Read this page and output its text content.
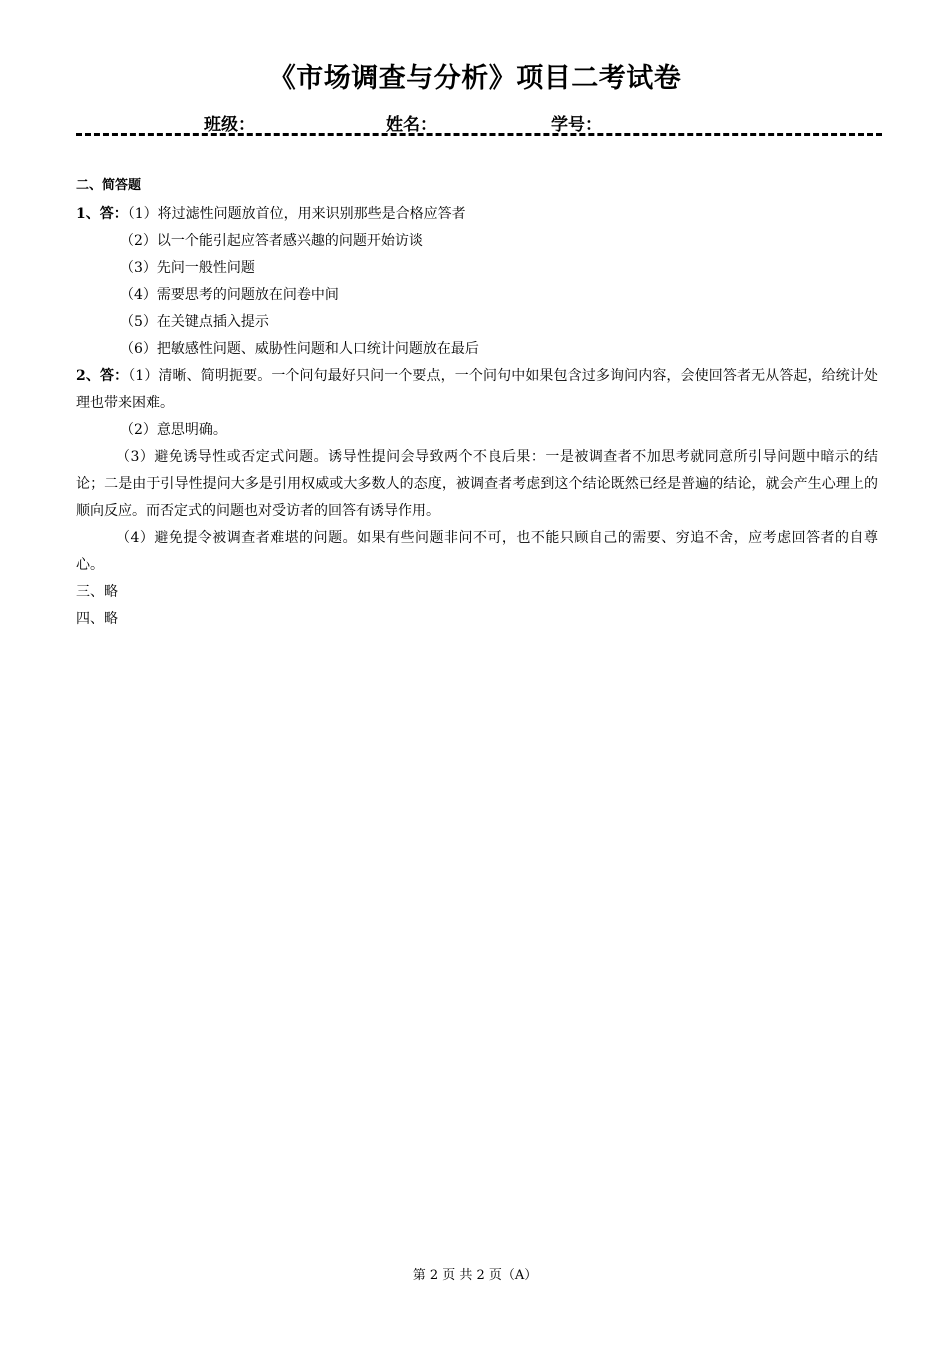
《市场调查与分析》项目二考试卷
班级：	姓名：	学号：
二、简答题
1、答：（1）将过滤性问题放首位，用来识别那些是合格应答者
（2）以一个能引起应答者感兴趣的问题开始访谈
（3）先问一般性问题
（4）需要思考的问题放在问卷中间
（5）在关键点插入提示
（6）把敏感性问题、威胁性问题和人口统计问题放在最后
2、答：（1）清晰、简明扼要。一个问句最好只问一个要点，一个问句中如果包含过多询问内容，会使回答者无从答起，给统计处理也带来困难。
（2）意思明确。
（3）避免诱导性或否定式问题。诱导性提问会导致两个不良后果：一是被调查者不加思考就同意所引导问题中暗示的结论；二是由于引导性提问大多是引用权威或大多数人的态度，被调查者考虑到这个结论既然已经是普遍的结论，就会产生心理上的顺向反应。而否定式的问题也对受访者的回答有诱导作用。
（4）避免提令被调查者难堪的问题。如果有些问题非问不可，也不能只顾自己的需要、穷追不舍，应考虑回答者的自尊心。
三、略
四、略
第 2 页 共 2 页（A）
